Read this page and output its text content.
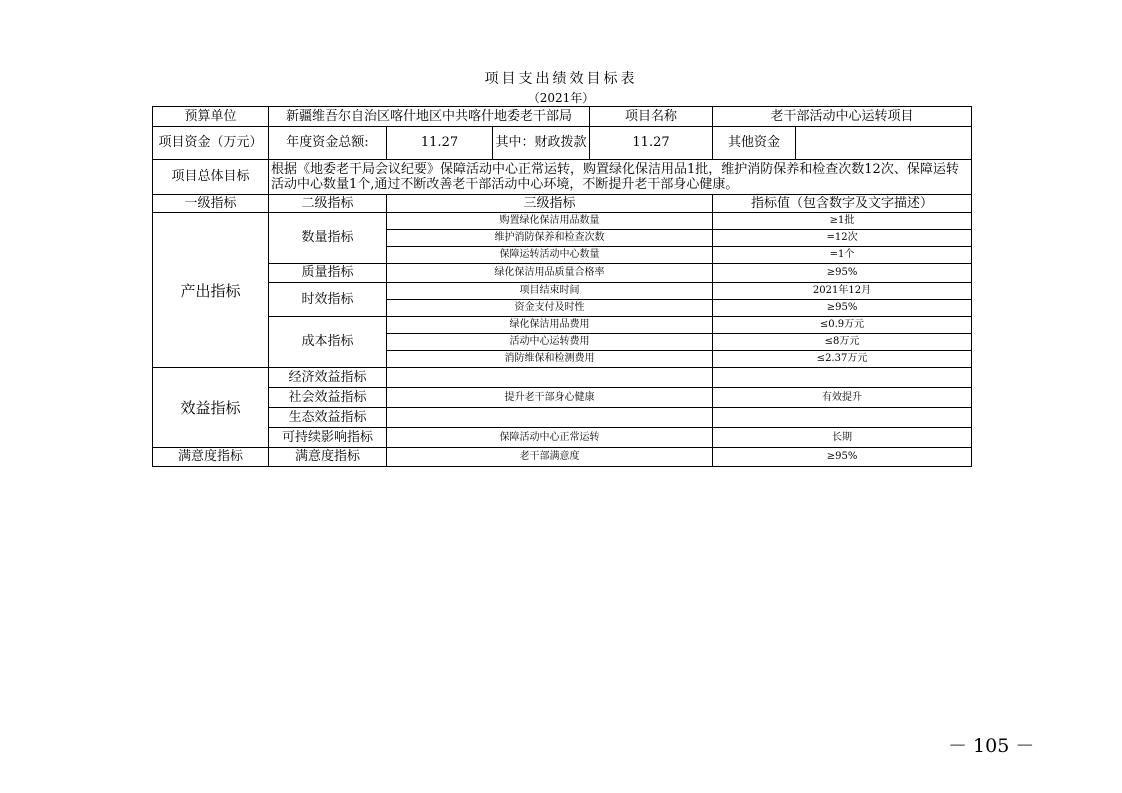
项目支出绩效目标表
（2021年）
预算单位	新疆维吾尔自治区喀什地区中共喀什地委老干部局			项目名称	老干部活动中心运转项目	
项目资金（万元）	年度资金总额:	11.27	其中：财政拨款	11.27	其他资金	
项目总体目标	根据《地委老干局会议纪要》保障活动中心正常运转，购置绿化保洁用品1批，维护消防保养和检查次数12次、保障运转活动中心数量1个,通过不断改善老干部活动中心环境，不断提升老干部身心健康。					
一级指标	二级指标	三级指标			指标值（包含数字及文字描述）	
产出指标	数量指标	购置绿化保洁用品数量			≥1批	
		维护消防保养和检查次数			=12次	
		保障运转活动中心数量			=1个	
	质量指标	绿化保洁用品质量合格率			≥95%	
	时效指标	项目结束时间			2021年12月	
		资金支付及时性			≥95%	
	成本指标	绿化保洁用品费用			≤0.9万元	
		活动中心运转费用			≤8万元	
		消防维保和检测费用			≤2.37万元	
效益指标	经济效益指标					
	社会效益指标	提升老干部身心健康			有效提升	
	生态效益指标					
	可持续影响指标	保障活动中心正常运转			长期	
满意度指标	满意度指标	老干部满意度			≥95%	
－ 105 －
